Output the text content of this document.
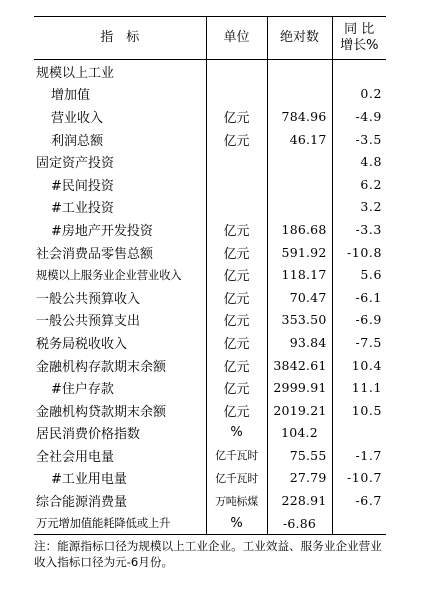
指　标	单位	绝对数	同 比
增长%

规模以上工业			
增加值			0.2
营业收入	亿元	784.96	-4.9
利润总额	亿元	46.17	-3.5
固定资产投资			4.8
#民间投资			6.2
#工业投资			3.2
#房地产开发投资	亿元	186.68	-3.3
社会消费品零售总额	亿元	591.92	-10.8
规模以上服务业企业营业收入	亿元	118.17	5.6
一般公共预算收入	亿元	70.47	-6.1
一般公共预算支出	亿元	353.50	-6.9
税务局税收收入	亿元	93.84	-7.5
金融机构存款期末余额	亿元	3842.61	10.4
#住户存款	亿元	2999.91	11.1
金融机构贷款期末余额	亿元	2019.21	10.5
居民消费价格指数	%	104.2	
全社会用电量	亿千瓦时	75.55	-1.7
#工业用电量	亿千瓦时	27.79	-10.7
综合能源消费量	万吨标煤	228.91	-6.7
万元增加值能耗降低或上升	%	-6.86	
注：能源指标口径为规模以上工业企业。工业效益、服务业企业营业收入指标口径为元-6月份。
